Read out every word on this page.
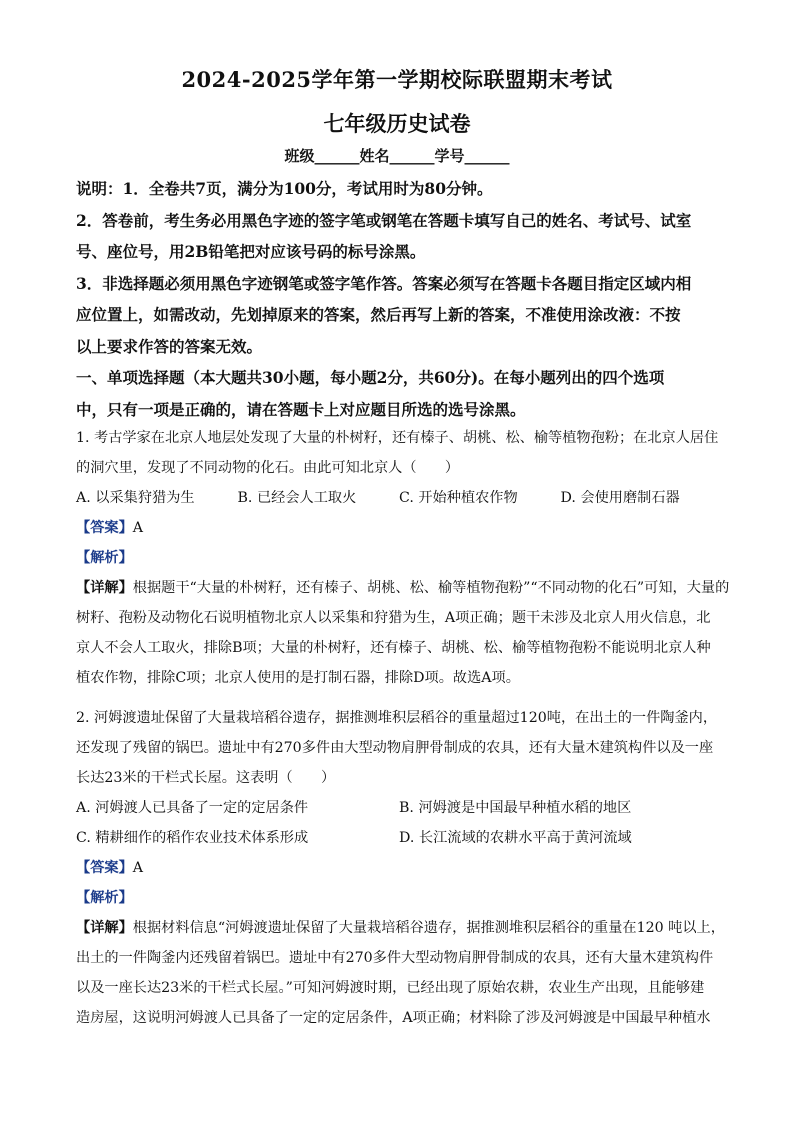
2024-2025学年第一学期校际联盟期末考试
七年级历史试卷
班级______姓名______学号______
说明：1．全卷共7页，满分为100分，考试用时为80分钟。
2．答卷前，考生务必用黑色字迹的签字笔或钢笔在答题卡填写自己的姓名、考试号、试室
号、座位号，用2B铅笔把对应该号码的标号涂黑。
3．非选择题必须用黑色字迹钢笔或签字笔作答。答案必须写在答题卡各题目指定区域内相
应位置上，如需改动，先划掉原来的答案，然后再写上新的答案，不准使用涂改液：不按
以上要求作答的答案无效。
一、单项选择题（本大题共30小题，每小题2分，共60分)。在每小题列出的四个选项
中，只有一项是正确的，请在答题卡上对应题目所选的选号涂黑。
1. 考古学家在北京人地层处发现了大量的朴树籽，还有榛子、胡桃、松、榆等植物孢粉；在北京人居住
的洞穴里，发现了不同动物的化石。由此可知北京人（　　）
A. 以采集狩猎为生	B. 已经会人工取火	C. 开始种植农作物	D. 会使用磨制石器
【答案】A
【解析】
【详解】根据题干“大量的朴树籽，还有榛子、胡桃、松、榆等植物孢粉”“不同动物的化石”可知，大量的
树籽、孢粉及动物化石说明植物北京人以采集和狩猎为生，A项正确；题干未涉及北京人用火信息，北
京人不会人工取火，排除B项；大量的朴树籽，还有榛子、胡桃、松、榆等植物孢粉不能说明北京人种
植农作物，排除C项；北京人使用的是打制石器，排除D项。故选A项。
2. 河姆渡遗址保留了大量栽培稻谷遗存，据推测堆积层稻谷的重量超过120吨，在出土的一件陶釜内，
还发现了残留的锅巴。遗址中有270多件由大型动物肩胛骨制成的农具，还有大量木建筑构件以及一座
长达23米的干栏式长屋。这表明（　　）
A. 河姆渡人已具备了一定的定居条件	B. 河姆渡是中国最早种植水稻的地区
C. 精耕细作的稻作农业技术体系形成	D. 长江流域的农耕水平高于黄河流域
【答案】A
【解析】
【详解】根据材料信息“河姆渡遗址保留了大量栽培稻谷遗存，据推测堆积层稻谷的重量在120 吨以上，
出土的一件陶釜内还残留着锅巴。遗址中有270多件大型动物肩胛骨制成的农具，还有大量木建筑构件
以及一座长达23米的干栏式长屋。”可知河姆渡时期，已经出现了原始农耕，农业生产出现，且能够建
造房屋，这说明河姆渡人已具备了一定的定居条件，A项正确；材料除了涉及河姆渡是中国最早种植水
